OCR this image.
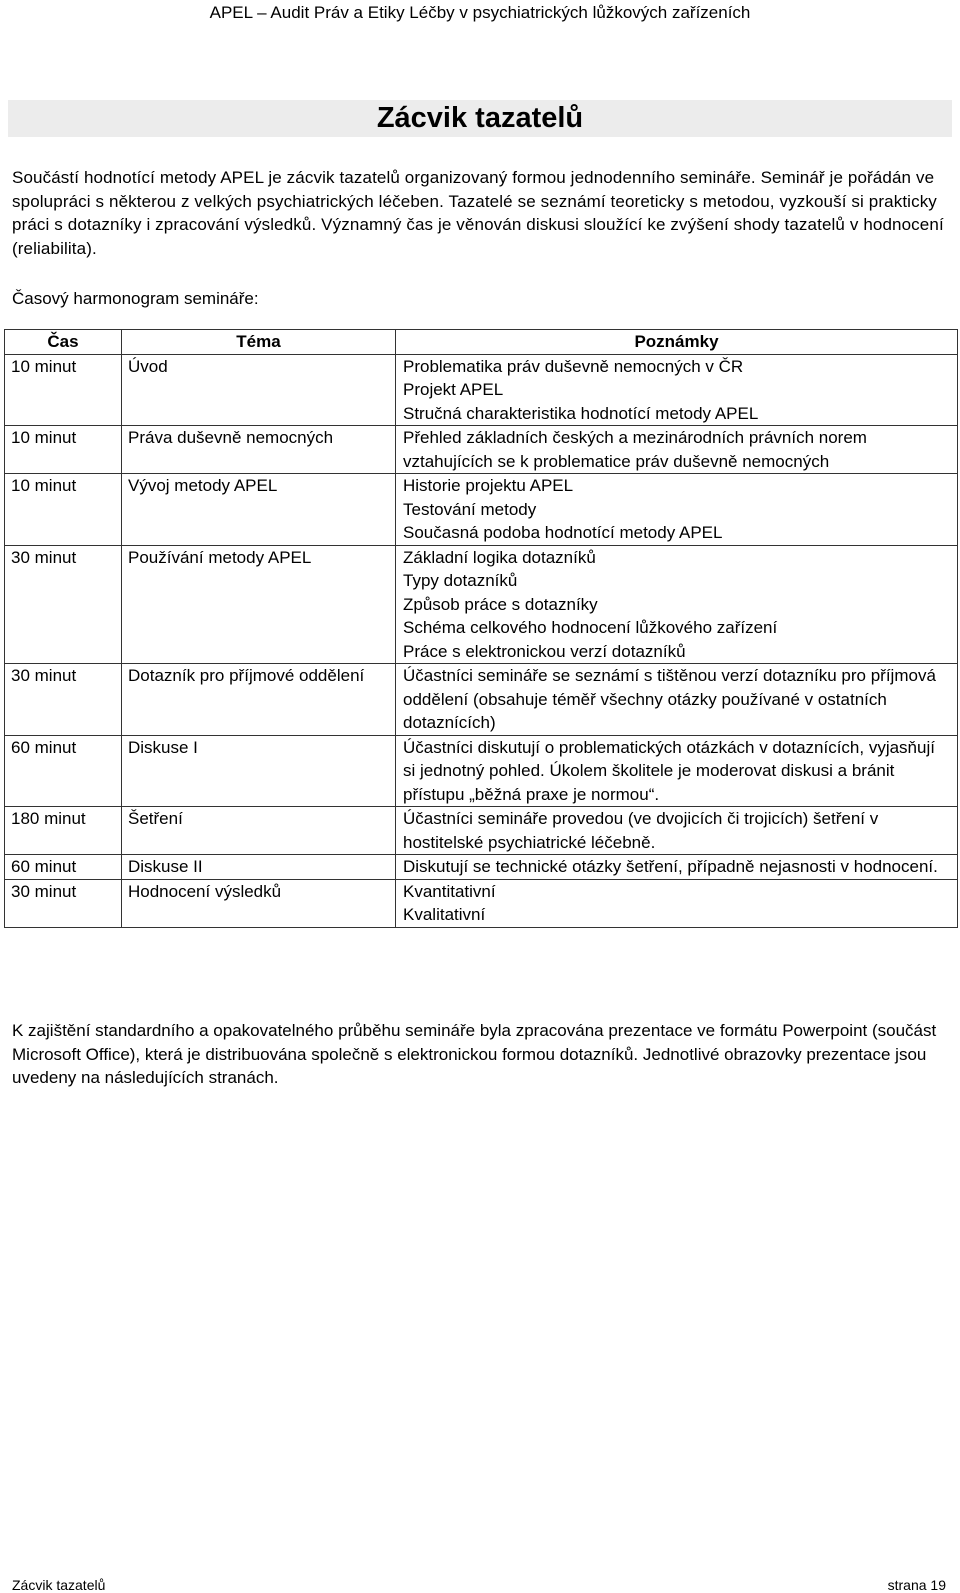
APEL – Audit Práv a Etiky Léčby v psychiatrických lůžkových zařízeních
Zácvik tazatelů

Součástí hodnotící metody APEL je zácvik tazatelů organizovaný formou jednodenního semináře. Seminář je pořádán ve spolupráci s některou z velkých psychiatrických léčeben. Tazatelé se seznámí teoreticky s metodou, vyzkouší si prakticky práci s dotazníky i zpracování výsledků. Významný čas je věnován diskusi sloužící ke zvýšení shody tazatelů v hodnocení (reliabilita).

Časový harmonogram semináře:

Čas	Téma	Poznámky
10 minut	Úvod	Problematika práv duševně nemocných v ČR
Projekt APEL
Stručná charakteristika hodnotící metody APEL

10 minut	Práva duševně nemocných	Přehled základních českých a mezinárodních právních norem vztahujících se k problematice práv duševně nemocných

10 minut	Vývoj metody APEL	Historie projektu APEL
Testování metody
Současná podoba hodnotící metody APEL

30 minut	Používání metody APEL	Základní logika dotazníků
Typy dotazníků
Způsob práce s dotazníky
Schéma celkového hodnocení lůžkového zařízení
Práce s elektronickou verzí dotazníků

30 minut	Dotazník pro příjmové oddělení	Účastníci semináře se seznámí s tištěnou verzí dotazníku pro příjmová oddělení (obsahuje téměř všechny otázky používané v ostatních dotaznících)

60 minut	Diskuse I	Účastníci diskutují o problematických otázkách v dotaznících, vyjasňují si jednotný pohled. Úkolem školitele je moderovat diskusi a bránit přístupu „běžná praxe je normou“.

180 minut	Šetření	Účastníci semináře provedou (ve dvojicích či trojicích) šetření v hostitelské psychiatrické léčebně.

60 minut	Diskuse II	Diskutují se technické otázky šetření, případně nejasnosti v hodnocení.

30 minut	Hodnocení výsledků	Kvantitativní
Kvalitativní

K zajištění standardního a opakovatelného průběhu semináře byla zpracována prezentace ve formátu Powerpoint (součást Microsoft Office), která je distribuována společně s elektronickou formou dotazníků. Jednotlivé obrazovky prezentace jsou uvedeny na následujících stranách.

Zácvik tazatelů	strana 19
